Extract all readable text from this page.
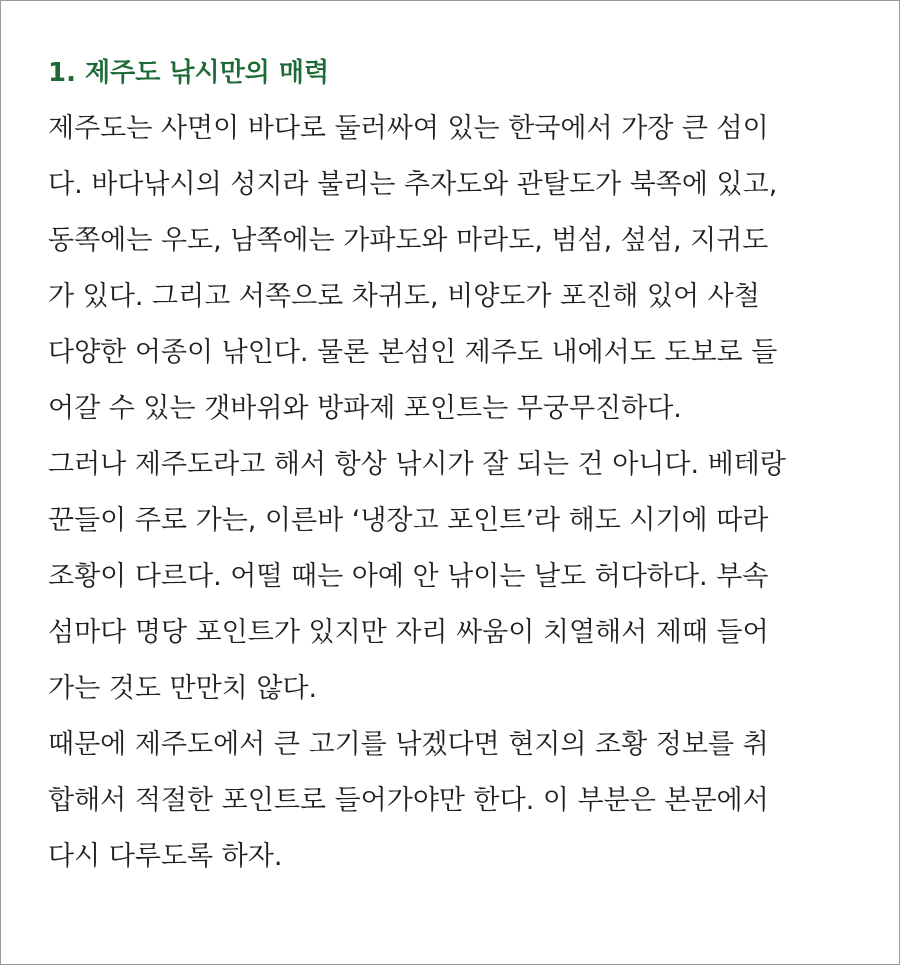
1. 제주도 낚시만의 매력
제주도는 사면이 바다로 둘러싸여 있는 한국에서 가장 큰 섬이
다. 바다낚시의 성지라 불리는 추자도와 관탈도가 북쪽에 있고,
동쪽에는 우도, 남쪽에는 가파도와 마라도, 범섬, 섶섬, 지귀도
가 있다. 그리고 서쪽으로 차귀도, 비양도가 포진해 있어 사철
다양한 어종이 낚인다. 물론 본섬인 제주도 내에서도 도보로 들
어갈 수 있는 갯바위와 방파제 포인트는 무궁무진하다.
그러나 제주도라고 해서 항상 낚시가 잘 되는 건 아니다. 베테랑
꾼들이 주로 가는, 이른바 ‘냉장고 포인트’라 해도 시기에 따라
조황이 다르다. 어떨 때는 아예 안 낚이는 날도 허다하다. 부속
섬마다 명당 포인트가 있지만 자리 싸움이 치열해서 제때 들어
가는 것도 만만치 않다.
때문에 제주도에서 큰 고기를 낚겠다면 현지의 조황 정보를 취
합해서 적절한 포인트로 들어가야만 한다. 이 부분은 본문에서
다시 다루도록 하자.
